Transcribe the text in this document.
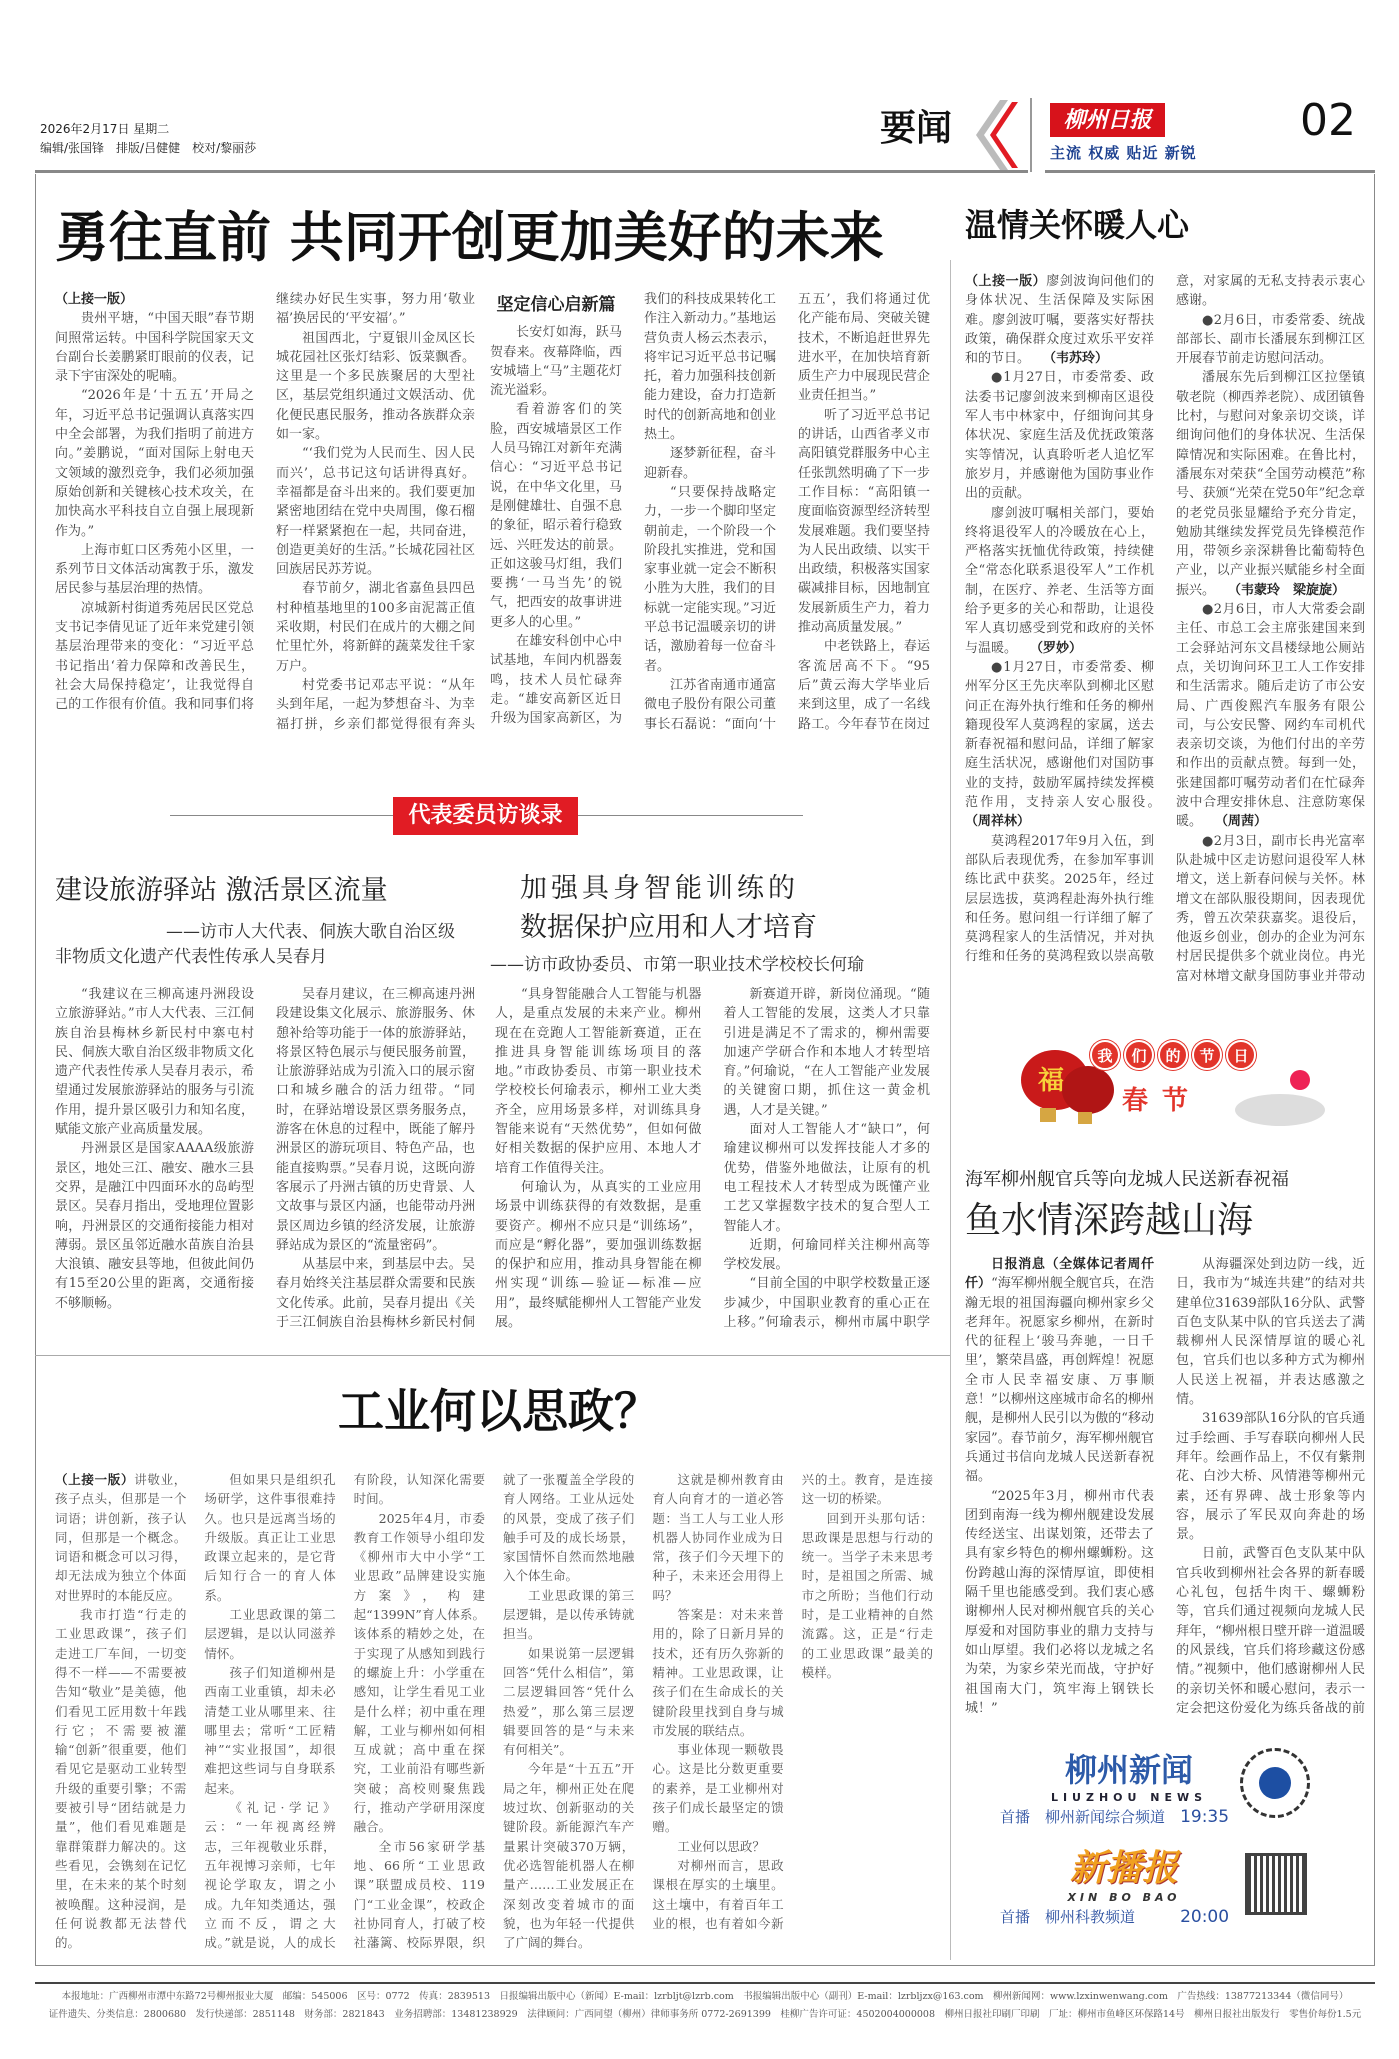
2026年2月17日 星期二
编辑/张国锋　排版/吕健健　校对/黎丽莎	要闻	柳州日报
主流 权威 贴近 新锐
02
勇往直前 共同开创更加美好的未来

（上接一版）

贵州平塘，“中国天眼”春节期间照常运转。中国科学院国家天文台副台长姜鹏紧盯眼前的仪表，记录下宇宙深处的呢喃。

“2026年是‘十五五’开局之年，习近平总书记强调认真落实四中全会部署，为我们指明了前进方向。”姜鹏说，“面对国际上射电天文领域的激烈竞争，我们必须加强原始创新和关键核心技术攻关，在加快高水平科技自立自强上展现新作为。”

上海市虹口区秀苑小区里，一系列节日文体活动寓教于乐，激发居民参与基层治理的热情。

凉城新村街道秀苑居民区党总支书记李倩见证了近年来党建引领基层治理带来的变化：“习近平总书记指出‘着力保障和改善民生，社会大局保持稳定’，让我觉得自己的工作很有价值。我和同事们将继续办好民生实事，努力用‘敬业福’换居民的‘平安福’。”

祖国西北，宁夏银川金凤区长城花园社区张灯结彩、饭菜飘香。这里是一个多民族聚居的大型社区，基层党组织通过文娱活动、优化便民惠民服务，推动各族群众亲如一家。

“‘我们党为人民而生、因人民而兴’，总书记这句话讲得真好。幸福都是奋斗出来的。我们要更加紧密地团结在党中央周围，像石榴籽一样紧紧抱在一起，共同奋进，创造更美好的生活。”长城花园社区回族居民苏芳说。

春节前夕，湖北省嘉鱼县四邑村种植基地里的100多亩泥蒿正值采收期，村民们在成片的大棚之间忙里忙外，将新鲜的蔬菜发往千家万户。

村党委书记邓志平说：“从年头到年尾，一起为梦想奋斗、为幸福打拼，乡亲们都觉得很有奔头

坚定信心启新篇

长安灯如海，跃马贺春来。夜幕降临，西安城墙上“马”主题花灯流光溢彩。

看着游客们的笑脸，西安城墙景区工作人员马锦江对新年充满信心：“习近平总书记说，在中华文化里，马是刚健雄壮、自强不息的象征，昭示着行稳致远、兴旺发达的前景。正如这骏马灯组，我们要携‘一马当先’的锐气，把西安的故事讲进更多人的心里。”

在雄安科创中心中试基地，车间内机器轰鸣，技术人员忙碌奔走。“雄安高新区近日升级为国家高新区，为我们的科技成果转化工作注入新动力。”基地运营负责人杨云杰表示，将牢记习近平总书记嘱托，着力加强科技创新能力建设，奋力打造新时代的创新高地和创业热土。

逐梦新征程，奋斗迎新春。

“只要保持战略定力，一步一个脚印坚定朝前走，一个阶段一个阶段扎实推进，党和国家事业就一定会不断积小胜为大胜，我们的目标就一定能实现。”习近平总书记温暖亲切的讲话，激励着每一位奋斗者。

江苏省南通市通富微电子股份有限公司董事长石磊说：“面向‘十五五’，我们将通过优化产能布局、突破关键技术，不断追赶世界先进水平，在加快培育新质生产力中展现民营企业责任担当。”

听了习近平总书记的讲话，山西省孝义市高阳镇党群服务中心主任张凯然明确了下一步工作目标：“高阳镇一度面临资源型经济转型发展难题。我们要坚持为人民出政绩、以实干出政绩，积极落实国家碳减排目标，因地制宜发展新质生产力，着力推动高质量发展。”

中老铁路上，春运客流居高不下。“95后”黄云海大学毕业后来到这里，成了一名线路工。今年春节在岗过

代表委员访谈录
建设旅游驿站 激活景区流量
——访市人大代表、侗族大歌自治区级
非物质文化遗产代表性传承人吴春月
加强具身智能训练的
数据保护应用和人才培育
——访市政协委员、市第一职业技术学校校长何瑜

“我建议在三柳高速丹洲段设立旅游驿站。”市人大代表、三江侗族自治县梅林乡新民村中寨屯村民、侗族大歌自治区级非物质文化遗产代表性传承人吴春月表示，希望通过发展旅游驿站的服务与引流作用，提升景区吸引力和知名度，赋能文旅产业高质量发展。

丹洲景区是国家AAAA级旅游景区，地处三江、融安、融水三县交界，是融江中四面环水的岛屿型景区。吴春月指出，受地理位置影响，丹洲景区的交通衔接能力相对薄弱。景区虽邻近融水苗族自治县大浪镇、融安县等地，但彼此间仍有15至20公里的距离，交通衔接不够顺畅。

吴春月建议，在三柳高速丹洲段建设集文化展示、旅游服务、休憩补给等功能于一体的旅游驿站，将景区特色展示与便民服务前置，让旅游驿站成为引流入口的展示窗口和城乡融合的活力纽带。“同时，在驿站增设景区票务服务点，游客在休息的过程中，既能了解丹洲景区的游玩项目、特色产品，也能直接购票。”吴春月说，这既向游客展示了丹洲古镇的历史背景、人文故事与景区内涵，也能带动丹洲景区周边乡镇的经济发展，让旅游驿站成为景区的“流量密码”。

从基层中来，到基层中去。吴春月始终关注基层群众需要和民族文化传承。此前，吴春月提出《关于三江侗族自治县梅林乡新民村侗

“具身智能融合人工智能与机器人，是重点发展的未来产业。柳州现在在竞跑人工智能新赛道，正在推进具身智能训练场项目的落地。”市政协委员、市第一职业技术学校校长何瑜表示，柳州工业大类齐全，应用场景多样，对训练具身智能来说有“天然优势”，但如何做好相关数据的保护应用、本地人才培育工作值得关注。

何瑜认为，从真实的工业应用场景中训练获得的有效数据，是重要资产。柳州不应只是“训练场”，而应是“孵化器”，要加强训练数据的保护和应用，推动具身智能在柳州实现“训练—验证—标准—应用”，最终赋能柳州人工智能产业发展。

新赛道开辟，新岗位涌现。“随着人工智能的发展，这类人才只靠引进是满足不了需求的，柳州需要加速产学研合作和本地人才转型培育。”何瑜说，“在人工智能产业发展的关键窗口期，抓住这一黄金机遇，人才是关键。”

面对人工智能人才“缺口”，何瑜建议柳州可以发挥技能人才多的优势，借鉴外地做法，让原有的机电工程技术人才转型成为既懂产业工艺又掌握数字技术的复合型人工智能人才。

近期，何瑜同样关注柳州高等学校发展。

“目前全国的中职学校数量正逐步减少，中国职业教育的重心正在上移。”何瑜表示，柳州市属中职学

工业何以思政？

（上接一版）讲敬业，孩子点头，但那是一个词语；讲创新，孩子认同，但那是一个概念。词语和概念可以习得，却无法成为独立个体面对世界时的本能反应。

我市打造“行走的工业思政课”，孩子们走进工厂车间，一切变得不一样——不需要被告知“敬业”是美德，他们看见工匠用数十年践行它；不需要被灌输“创新”很重要，他们看见它是驱动工业转型升级的重要引擎；不需要被引导“团结就是力量”，他们看见难题是靠群策群力解决的。这些看见，会镌刻在记忆里，在未来的某个时刻被唤醒。这种浸润，是任何说教都无法替代的。

但如果只是组织孔场研学，这件事很难持久。也只是远离当场的升级版。真正让工业思政课立起来的，是它背后知行合一的育人体系。

工业思政课的第二层逻辑，是以认同滋养情怀。

孩子们知道柳州是西南工业重镇，却未必清楚工业从哪里来、往哪里去；常听“工匠精神”“实业报国”，却很难把这些词与自身联系起来。

《礼记·学记》云：“一年视离经辨志，三年视敬业乐群，五年视博习亲师，七年视论学取友，谓之小成。九年知类通达，强立而不反，谓之大成。”就是说，人的成长有阶段，认知深化需要时间。

2025年4月，市委教育工作领导小组印发《柳州市大中小学“工业思政”品牌建设实施方案》，构建起“1399N”育人体系。该体系的精妙之处，在于实现了从感知到践行的螺旋上升：小学重在感知，让学生看见工业是什么样；初中重在理解，工业与柳州如何相互成就；高中重在探究，工业前沿有哪些新突破；高校则聚焦践行，推动产学研用深度融合。

全市56家研学基地、66所“工业思政课”联盟成员校、119门“工业金课”，校政企社协同育人，打破了校社藩篱、校际界限，织就了一张覆盖全学段的育人网络。工业从远处的风景，变成了孩子们触手可及的成长场景，家国情怀自然而然地融入个体生命。

工业思政课的第三层逻辑，是以传承铸就担当。

如果说第一层逻辑回答“凭什么相信”，第二层逻辑回答“凭什么热爱”，那么第三层逻辑要回答的是“与未来有何相关”。

今年是“十五五”开局之年，柳州正处在爬坡过坎、创新驱动的关键阶段。新能源汽车产量累计突破370万辆，优必选智能机器人在柳量产……工业发展正在深刻改变着城市的面貌，也为年轻一代提供了广阔的舞台。

这就是柳州教育由育人向育才的一道必答题：当工人与工业人形机器人协同作业成为日常，孩子们今天埋下的种子，未来还会用得上吗？

答案是：对未来普用的，除了日新月异的技术，还有历久弥新的精神。工业思政课，让孩子们在生命成长的关键阶段里找到自身与城市发展的联结点。

事业体现一颗敬畏心。这是比分数更重要的素养，是工业柳州对孩子们成长最坚定的馈赠。

工业何以思政？

对柳州而言，思政课根在厚实的土壤里。这土壤中，有着百年工业的根，也有着如今新兴的土。教育，是连接这一切的桥梁。

回到开头那句话：思政课是思想与行动的统一。当学子未来思考时，是祖国之所需、城市之所盼；当他们行动时，是工业精神的自然流露。这，正是“行走的工业思政课”最美的模样。

温情关怀暖人心

（上接一版）廖剑波询问他们的身体状况、生活保障及实际困难。廖剑波叮嘱，要落实好帮扶政策，确保群众度过欢乐平安祥和的节日。　　（韦苏玲）

●1月27日，市委常委、政法委书记廖剑波来到柳南区退役军人韦中林家中，仔细询问其身体状况、家庭生活及优抚政策落实等情况，认真聆听老人追忆军旅岁月，并感谢他为国防事业作出的贡献。

廖剑波叮嘱相关部门，要始终将退役军人的冷暖放在心上，严格落实抚恤优待政策，持续健全“常态化联系退役军人”工作机制，在医疗、养老、生活等方面给予更多的关心和帮助，让退役军人真切感受到党和政府的关怀与温暖。　　（罗妙）

●1月27日，市委常委、柳州军分区王先庆率队到柳北区慰问正在海外执行维和任务的柳州籍现役军人莫鸿程的家属，送去新春祝福和慰问品，详细了解家庭生活状况，感谢他们对国防事业的支持，鼓励军属持续发挥模范作用，支持亲人安心服役。　　（周祥林）

莫鸿程2017年9月入伍，到部队后表现优秀，在参加军事训练比武中获奖。2025年，经过层层选拔，莫鸿程赴海外执行维和任务。慰问组一行详细了解了莫鸿程家人的生活情况，并对执行维和任务的莫鸿程致以崇高敬意，对家属的无私支持表示衷心感谢。

●2月6日，市委常委、统战部部长、副市长潘展东到柳江区开展春节前走访慰问活动。

潘展东先后到柳江区拉堡镇敬老院（柳西养老院）、成团镇鲁比村，与慰问对象亲切交谈，详细询问他们的身体状况、生活保障情况和实际困难。在鲁比村，潘展东对荣获“全国劳动模范”称号、获颁“光荣在党50年”纪念章的老党员张显耀给予充分肯定，勉励其继续发挥党员先锋模范作用，带领乡亲深耕鲁比葡萄特色产业，以产业振兴赋能乡村全面振兴。　　（韦蒙玲　梁旋旋）

●2月6日，市人大常委会副主任、市总工会主席张建国来到工会驿站河东文昌楼绿地公厕站点，关切询问环卫工人工作安排和生活需求。随后走访了市公安局、广西俊熙汽车服务有限公司，与公安民警、网约车司机代表亲切交谈，为他们付出的辛劳和作出的贡献点赞。每到一处，张建国都叮嘱劳动者们在忙碌奔波中合理安排休息、注意防寒保暖。　　（周茜）

●2月3日，副市长冉光富率队赴城中区走访慰问退役军人林增文，送上新春问候与关怀。林增文在部队服役期间，因表现优秀，曾五次荣获嘉奖。退役后，他返乡创业，创办的企业为河东村居民提供多个就业岗位。冉光富对林增文献身国防事业并带动　　

福
我	们	的	节	日
春节
海军柳州舰官兵等向龙城人民送新春祝福
鱼水情深跨越山海

日报消息（全媒体记者周仟仟）“海军柳州舰全舰官兵，在浩瀚无垠的祖国海疆向柳州家乡父老拜年。祝愿家乡柳州，在新时代的征程上‘骏马奔驰，一日千里’，繁荣昌盛，再创辉煌！祝愿全市人民幸福安康、万事顺意！”以柳州这座城市命名的柳州舰，是柳州人民引以为傲的“移动家园”。春节前夕，海军柳州舰官兵通过书信向龙城人民送新春祝福。

“2025年3月，柳州市代表团到南海一线为柳州舰建设发展传经送宝、出谋划策，还带去了具有家乡特色的柳州螺蛳粉。这份跨越山海的深情厚谊，即使相隔千里也能感受到。我们衷心感谢柳州人民对柳州舰官兵的关心厚爱和对国防事业的鼎力支持与如山厚望。我们必将以龙城之名为荣，为家乡荣光而战，守护好祖国南大门，筑牢海上钢铁长城！”

从海疆深处到边防一线，近日，我市为“城连共建”的结对共建单位31639部队16分队、武警百色支队某中队的官兵送去了满载柳州人民深情厚谊的暖心礼包，官兵们也以多种方式为柳州人民送上祝福，并表达感激之情。

31639部队16分队的官兵通过手绘画、手写春联向柳州人民拜年。绘画作品上，不仅有紫荆花、白沙大桥、风情港等柳州元素，还有界碑、战士形象等内容，展示了军民双向奔赴的场景。

日前，武警百色支队某中队官兵收到柳州社会各界的新春暖心礼包，包括牛肉干、螺蛳粉等，官兵们通过视频向龙城人民拜年，“柳州根日壁开辟一道温暖的风景线，官兵们将珍藏这份感情。”视频中，他们感谢柳州人民的亲切关怀和暖心慰问，表示一定会把这份爱化为练兵备战的前

柳州新闻
LIUZHOU NEWS
首播　 柳州新闻综合频道　 19:35
新播报
XIN BO BAO
首播　 柳州科教频道　　　	20:00
本报地址：广西柳州市潭中东路72号柳州报业大厦　邮编：545006　区号：0772　传真：2839513　日报编辑出版中心（新闻）E-mail：lzrbljt@lzrb.com　书报编辑出版中心（副刊）E-mail：lzrbljzx@163.com　柳州新闻网：www.lzxinwenwang.com　广告热线：13877213344（微信同号）
证件遗失、分类信息：2800680　发行快递部：2851148　财务部：2821843　业务招聘部：13481238929　法律顾问：广西同望（柳州）律师事务所 0772-2691399　桂柳广告许可证：4502004000008　柳州日报社印刷厂印刷　厂址：柳州市鱼峰区环保路14号　柳州日报社出版发行　零售价每份1.5元
